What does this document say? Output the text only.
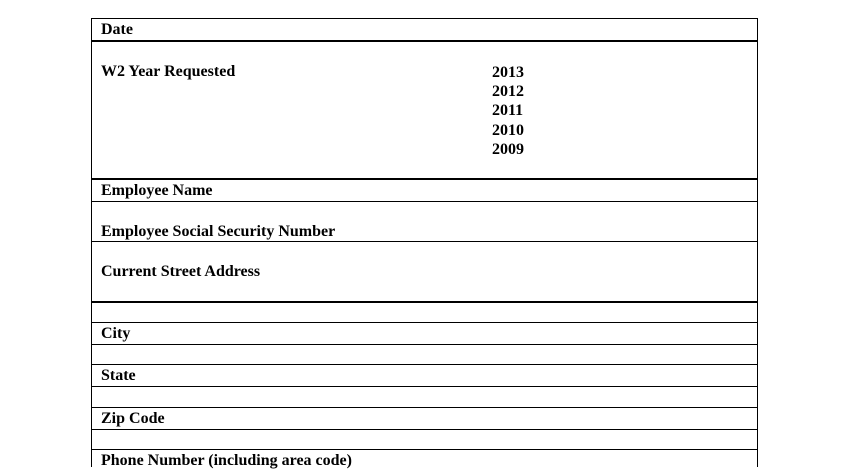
Date
W2 Year Requested	2013
2012
2011
2010
2009
Employee Name
Employee Social Security Number
Current Street Address
City
State
Zip Code
Phone Number (including area code)
